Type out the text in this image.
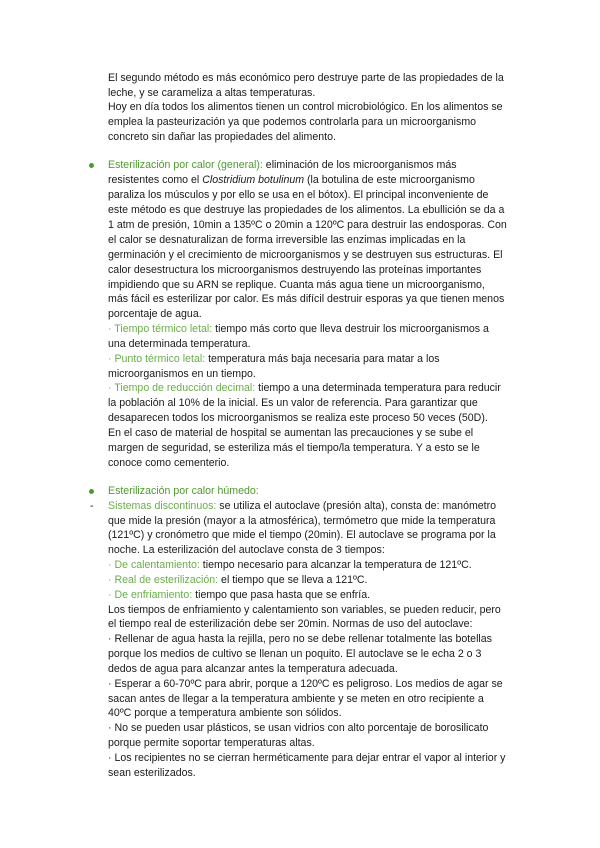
El segundo método es más económico pero destruye parte de las propiedades de la
leche, y se carameliza a altas temperaturas.
Hoy en día todos los alimentos tienen un control microbiológico. En los alimentos se
emplea la pasteurización ya que podemos controlarla para un microorganismo
concreto sin dañar las propiedades del alimento.
Esterilización por calor (general): eliminación de los microorganismos más
resistentes como el Clostridium botulinum (la botulina de este microorganismo
paraliza los músculos y por ello se usa en el bótox). El principal inconveniente de
este método es que destruye las propiedades de los alimentos. La ebullición se da a
1 atm de presión, 10min a 135ºC o 20min a 120ºC para destruir las endosporas. Con
el calor se desnaturalizan de forma irreversible las enzimas implicadas en la
germinación y el crecimiento de microorganismos y se destruyen sus estructuras. El
calor desestructura los microorganismos destruyendo las proteínas importantes
impidiendo que su ARN se replique. Cuanta más agua tiene un microorganismo,
más fácil es esterilizar por calor. Es más difícil destruir esporas ya que tienen menos
porcentaje de agua.
· Tiempo térmico letal: tiempo más corto que lleva destruir los microorganismos a
una determinada temperatura.
· Punto térmico letal: temperatura más baja necesaria para matar a los
microorganismos en un tiempo.
· Tiempo de reducción decimal: tiempo a una determinada temperatura para reducir
la población al 10% de la inicial. Es un valor de referencia. Para garantizar que
desaparecen todos los microorganismos se realiza este proceso 50 veces (50D).
En el caso de material de hospital se aumentan las precauciones y se sube el
margen de seguridad, se esteriliza más el tiempo/la temperatura. Y a esto se le
conoce como cementerio.
Esterilización por calor húmedo:
- Sistemas discontinuos: se utiliza el autoclave (presión alta), consta de: manómetro
que mide la presión (mayor a la atmosférica), termómetro que mide la temperatura
(121ºC) y cronómetro que mide el tiempo (20min). El autoclave se programa por la
noche. La esterilización del autoclave consta de 3 tiempos:
· De calentamiento: tiempo necesario para alcanzar la temperatura de 121ºC.
· Real de esterilización: el tiempo que se lleva a 121ºC.
· De enfriamiento: tiempo que pasa hasta que se enfría.
Los tiempos de enfriamiento y calentamiento son variables, se pueden reducir, pero
el tiempo real de esterilización debe ser 20min. Normas de uso del autoclave:
· Rellenar de agua hasta la rejilla, pero no se debe rellenar totalmente las botellas
porque los medios de cultivo se llenan un poquito. El autoclave se le echa 2 o 3
dedos de agua para alcanzar antes la temperatura adecuada.
· Esperar a 60-70ºC para abrir, porque a 120ºC es peligroso. Los medios de agar se
sacan antes de llegar a la temperatura ambiente y se meten en otro recipiente a
40ºC porque a temperatura ambiente son sólidos.
· No se pueden usar plásticos, se usan vidrios con alto porcentaje de borosilicato
porque permite soportar temperaturas altas.
· Los recipientes no se cierran herméticamente para dejar entrar el vapor al interior y
sean esterilizados.
